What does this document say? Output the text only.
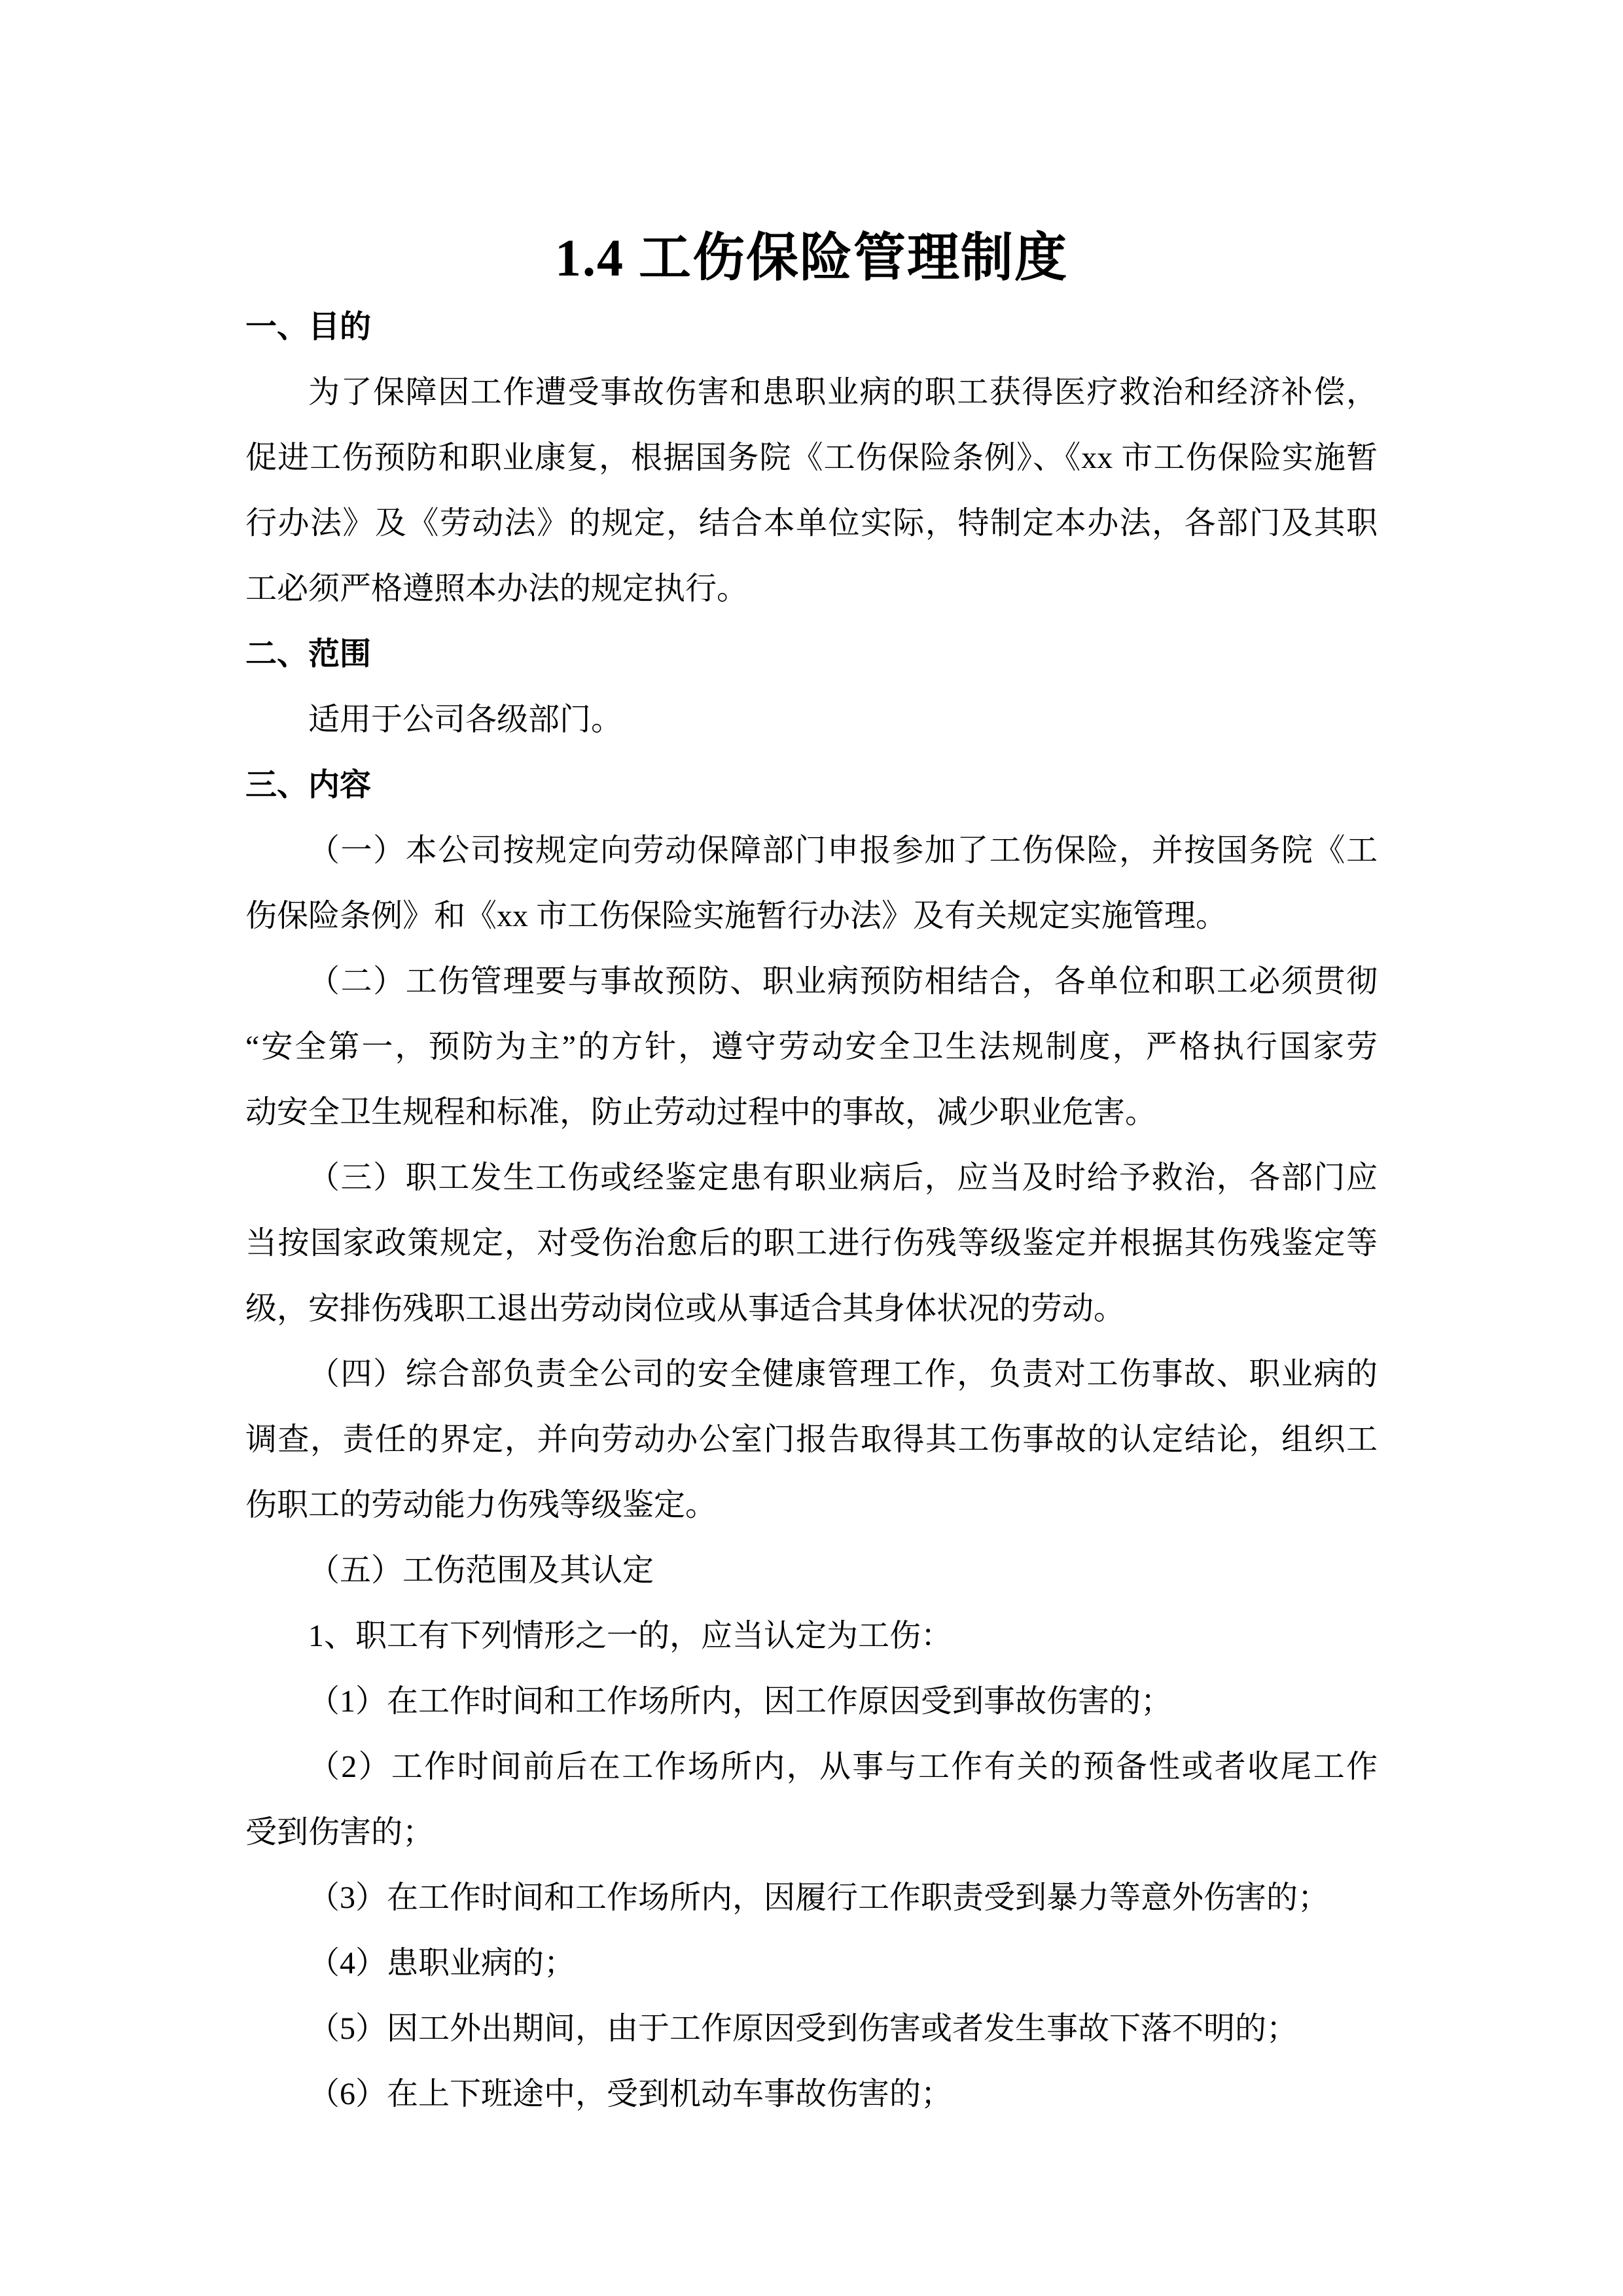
1.4 工伤保险管理制度
一、目的
为了保障因工作遭受事故伤害和患职业病的职工获得医疗救治和经济补偿，
促进工伤预防和职业康复，根据国务院《工伤保险条例》、《xx 市工伤保险实施暂
行办法》及《劳动法》的规定，结合本单位实际，特制定本办法，各部门及其职
工必须严格遵照本办法的规定执行。
二、范围
适用于公司各级部门。
三、内容
（一）本公司按规定向劳动保障部门申报参加了工伤保险，并按国务院《工
伤保险条例》和《xx 市工伤保险实施暂行办法》及有关规定实施管理。
（二）工伤管理要与事故预防、职业病预防相结合，各单位和职工必须贯彻
“安全第一，预防为主”的方针，遵守劳动安全卫生法规制度，严格执行国家劳
动安全卫生规程和标准，防止劳动过程中的事故，减少职业危害。
（三）职工发生工伤或经鉴定患有职业病后，应当及时给予救治，各部门应
当按国家政策规定，对受伤治愈后的职工进行伤残等级鉴定并根据其伤残鉴定等
级，安排伤残职工退出劳动岗位或从事适合其身体状况的劳动。
（四）综合部负责全公司的安全健康管理工作，负责对工伤事故、职业病的
调查，责任的界定，并向劳动办公室门报告取得其工伤事故的认定结论，组织工
伤职工的劳动能力伤残等级鉴定。
（五）工伤范围及其认定
1、职工有下列情形之一的，应当认定为工伤：
（1）在工作时间和工作场所内，因工作原因受到事故伤害的；
（2）工作时间前后在工作场所内，从事与工作有关的预备性或者收尾工作
受到伤害的；
（3）在工作时间和工作场所内，因履行工作职责受到暴力等意外伤害的；
（4）患职业病的；
（5）因工外出期间，由于工作原因受到伤害或者发生事故下落不明的；
（6）在上下班途中，受到机动车事故伤害的；
